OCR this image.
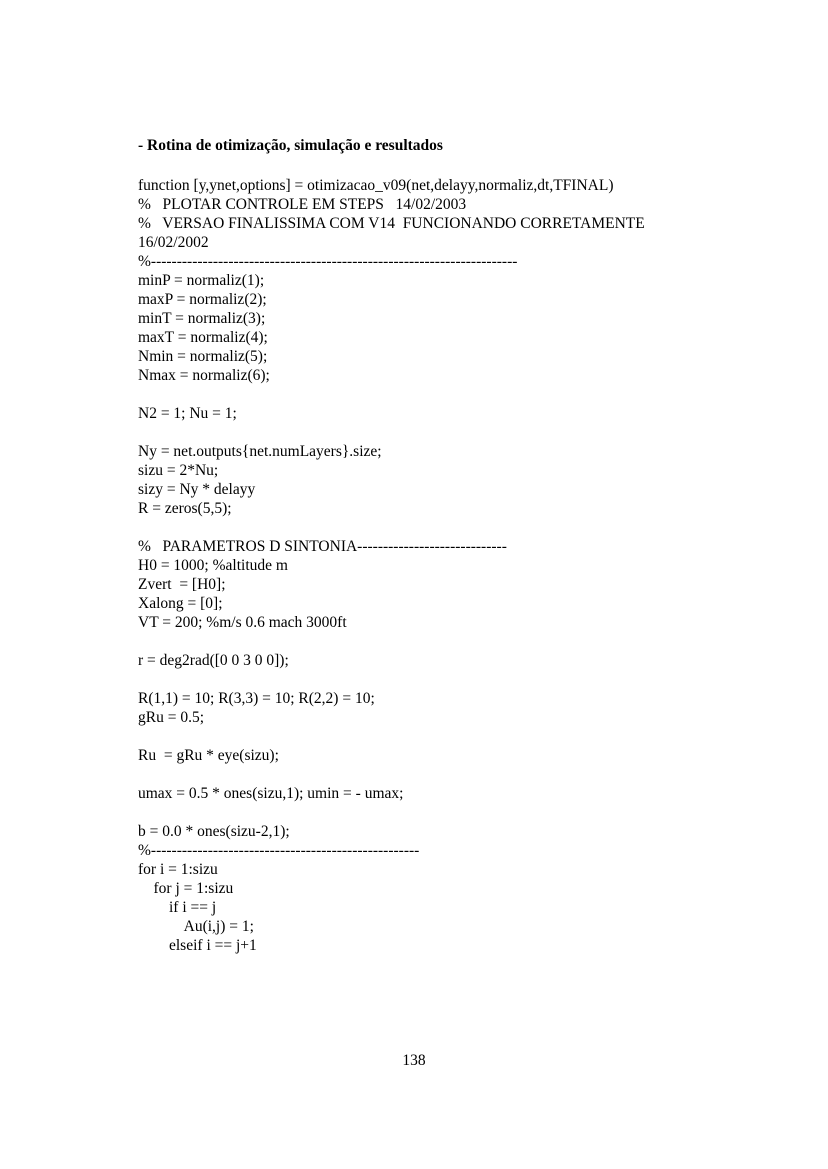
- Rotina de otimização, simulação e resultados
function [y,ynet,options] = otimizacao_v09(net,delayy,normaliz,dt,TFINAL)
%   PLOTAR CONTROLE EM STEPS   14/02/2003
%   VERSAO FINALISSIMA COM V14  FUNCIONANDO CORRETAMENTE
16/02/2002
%-----------------------------------------------------------------------
minP = normaliz(1);
maxP = normaliz(2);
minT = normaliz(3);
maxT = normaliz(4);
Nmin = normaliz(5);
Nmax = normaliz(6);
N2 = 1; Nu = 1;
Ny = net.outputs{net.numLayers}.size;
sizu = 2*Nu;
sizy = Ny * delayy
R = zeros(5,5);
%   PARAMETROS D SINTONIA-----------------------------
H0 = 1000; %altitude m
Zvert  = [H0];
Xalong = [0];
VT = 200; %m/s 0.6 mach 3000ft
r = deg2rad([0 0 3 0 0]);
R(1,1) = 10; R(3,3) = 10; R(2,2) = 10;
gRu = 0.5;
Ru  = gRu * eye(sizu);
umax = 0.5 * ones(sizu,1); umin = - umax;
b = 0.0 * ones(sizu-2,1);
%----------------------------------------------------
for i = 1:sizu
for j = 1:sizu
if i == j
Au(i,j) = 1;
elseif i == j+1
138
